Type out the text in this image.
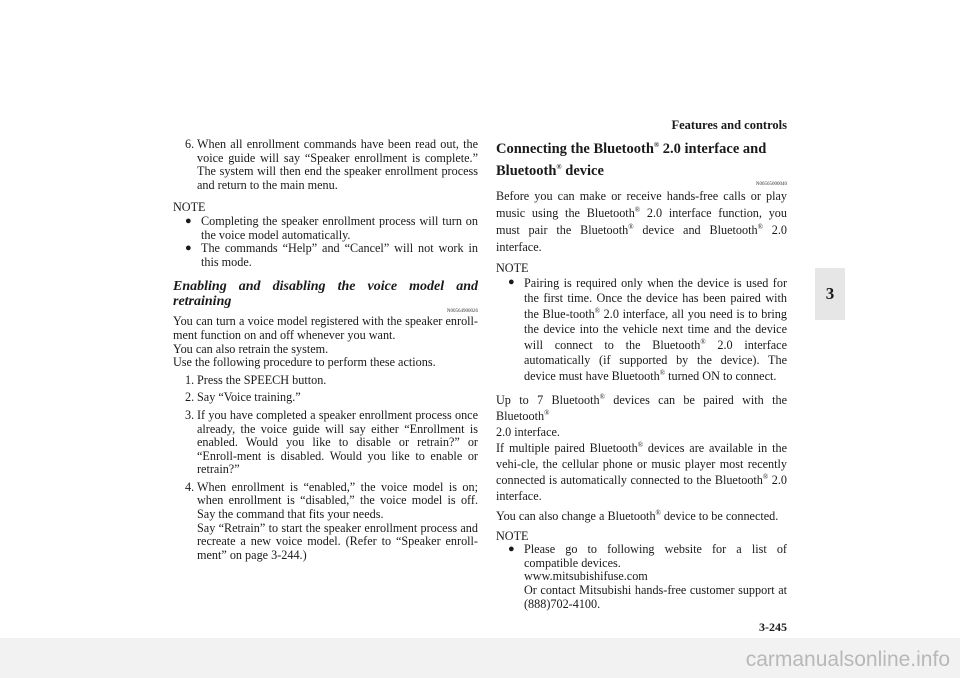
Features and controls
3-245
3
6. When all enrollment commands have been read out, the voice guide will say “Speaker enrollment is complete.” The system will then end the speaker enrollment process and return to the main menu.

NOTE

● Completing the speaker enrollment process will turn on the voice model automatically.
● The commands “Help” and “Cancel” will not work in this mode.

Enabling and disabling the voice model and retraining

N00564900026

You can turn a voice model registered with the speaker enroll-ment function on and off whenever you want.

You can also retrain the system.

Use the following procedure to perform these actions.

1. Press the SPEECH button.
2. Say “Voice training.”
3. If you have completed a speaker enrollment process once already, the voice guide will say either “Enrollment is enabled. Would you like to disable or retrain?” or “Enroll-ment is disabled. Would you like to enable or retrain?”
4. When enrollment is “enabled,” the voice model is on; when enrollment is “disabled,” the voice model is off. Say the command that fits your needs.
Say “Retrain” to start the speaker enrollment process and recreate a new voice model. (Refer to “Speaker enroll-ment” on page 3-244.)

Connecting the Bluetooth® 2.0 interface and
Bluetooth® device

N00565000040

Before you can make or receive hands-free calls or play music using the Bluetooth® 2.0 interface function, you must pair the Bluetooth® device and Bluetooth® 2.0 interface.

NOTE

● Pairing is required only when the device is used for the first time. Once the device has been paired with the Blue-tooth® 2.0 interface, all you need is to bring the device into the vehicle next time and the device will connect to the Bluetooth® 2.0 interface automatically (if supported by the device). The device must have Bluetooth® turned ON to connect.

Up to 7 Bluetooth® devices can be paired with the Bluetooth®
2.0 interface.

If multiple paired Bluetooth® devices are available in the vehi-cle, the cellular phone or music player most recently connected is automatically connected to the Bluetooth® 2.0 interface.

You can also change a Bluetooth® device to be connected.

NOTE

● Please go to following website for a list of compatible devices.
www.mitsubishifuse.com
Or contact Mitsubishi hands-free customer support at (888)702-4100.
carmanualsonline.info
